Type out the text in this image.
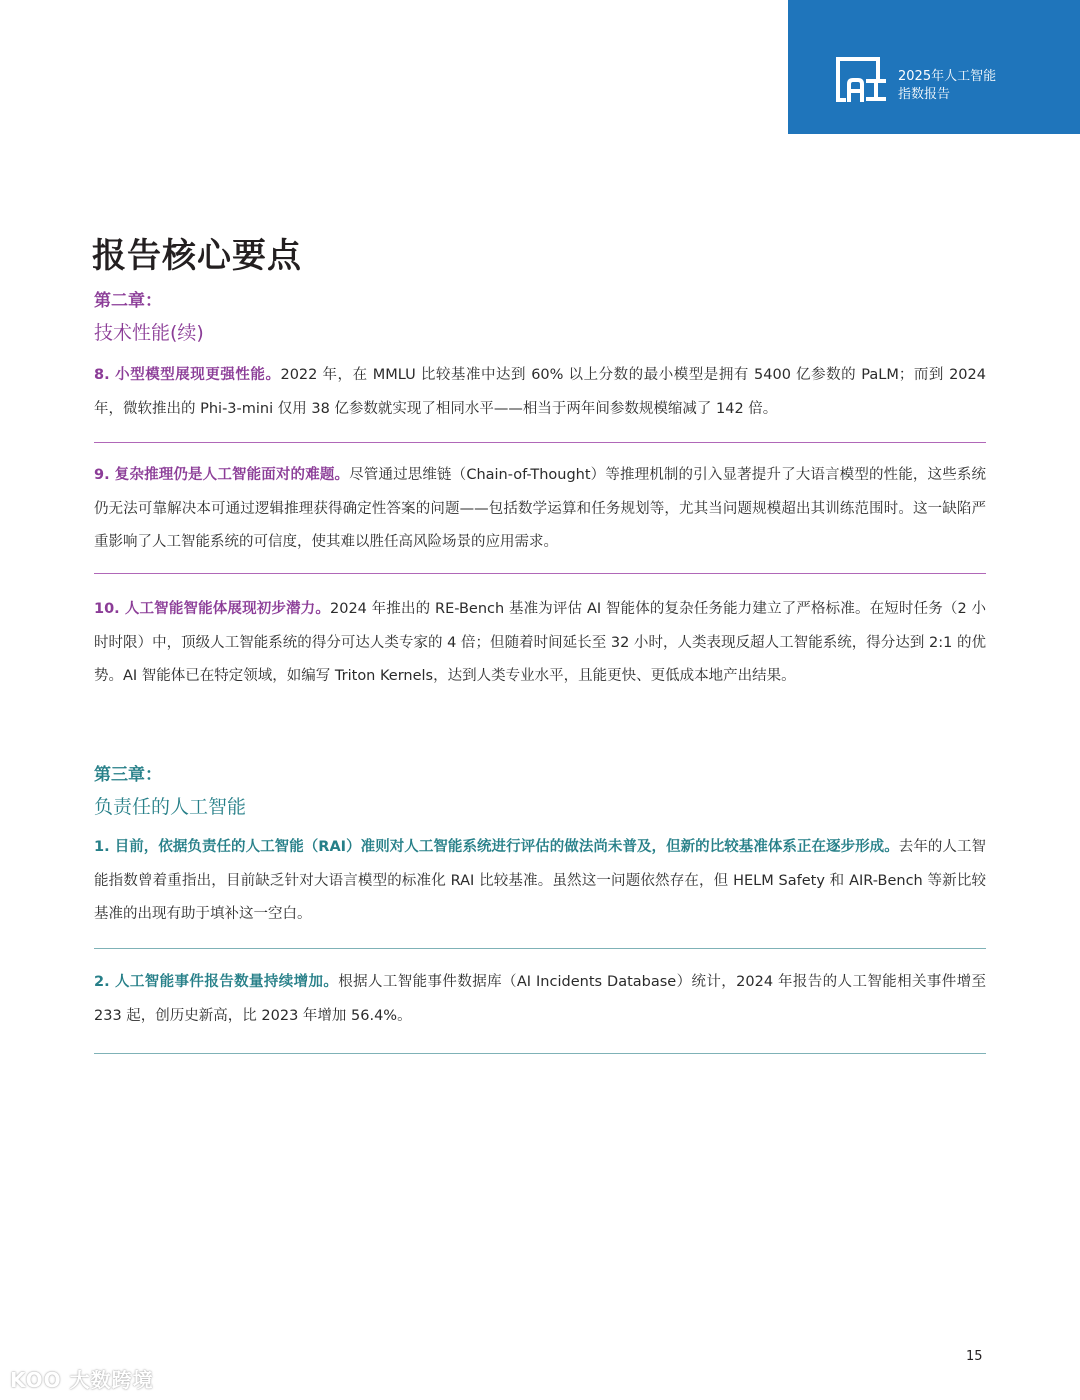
2025年人工智能
指数报告
报告核心要点
第二章：
技术性能(续)
8. 小型模型展现更强性能。2022 年，在 MMLU 比较基准中达到 60% 以上分数的最小模型是拥有 5400 亿参数的 PaLM；而到 2024 年，微软推出的 Phi-3-mini 仅用 38 亿参数就实现了相同水平——相当于两年间参数规模缩减了 142 倍。
9. 复杂推理仍是人工智能面对的难题。尽管通过思维链（Chain-of-Thought）等推理机制的引入显著提升了大语言模型的性能，这些系统仍无法可靠解决本可通过逻辑推理获得确定性答案的问题——包括数学运算和任务规划等，尤其当问题规模超出其训练范围时。这一缺陷严重影响了人工智能系统的可信度，使其难以胜任高风险场景的应用需求。
10. 人工智能智能体展现初步潜力。2024 年推出的 RE-Bench 基准为评估 AI 智能体的复杂任务能力建立了严格标准。在短时任务（2 小时时限）中，顶级人工智能系统的得分可达人类专家的 4 倍；但随着时间延长至 32 小时，人类表现反超人工智能系统，得分达到 2:1 的优势。AI 智能体已在特定领域，如编写 Triton Kernels，达到人类专业水平，且能更快、更低成本地产出结果。
第三章：
负责任的人工智能
1. 目前，依据负责任的人工智能（RAI）准则对人工智能系统进行评估的做法尚未普及，但新的比较基准体系正在逐步形成。去年的人工智能指数曾着重指出，目前缺乏针对大语言模型的标准化 RAI 比较基准。虽然这一问题依然存在，但 HELM Safety 和 AIR-Bench 等新比较基准的出现有助于填补这一空白。
2. 人工智能事件报告数量持续增加。根据人工智能事件数据库（AI Incidents Database）统计，2024 年报告的人工智能相关事件增至 233 起，创历史新高，比 2023 年增加 56.4%。
15
KOO 大数跨境
